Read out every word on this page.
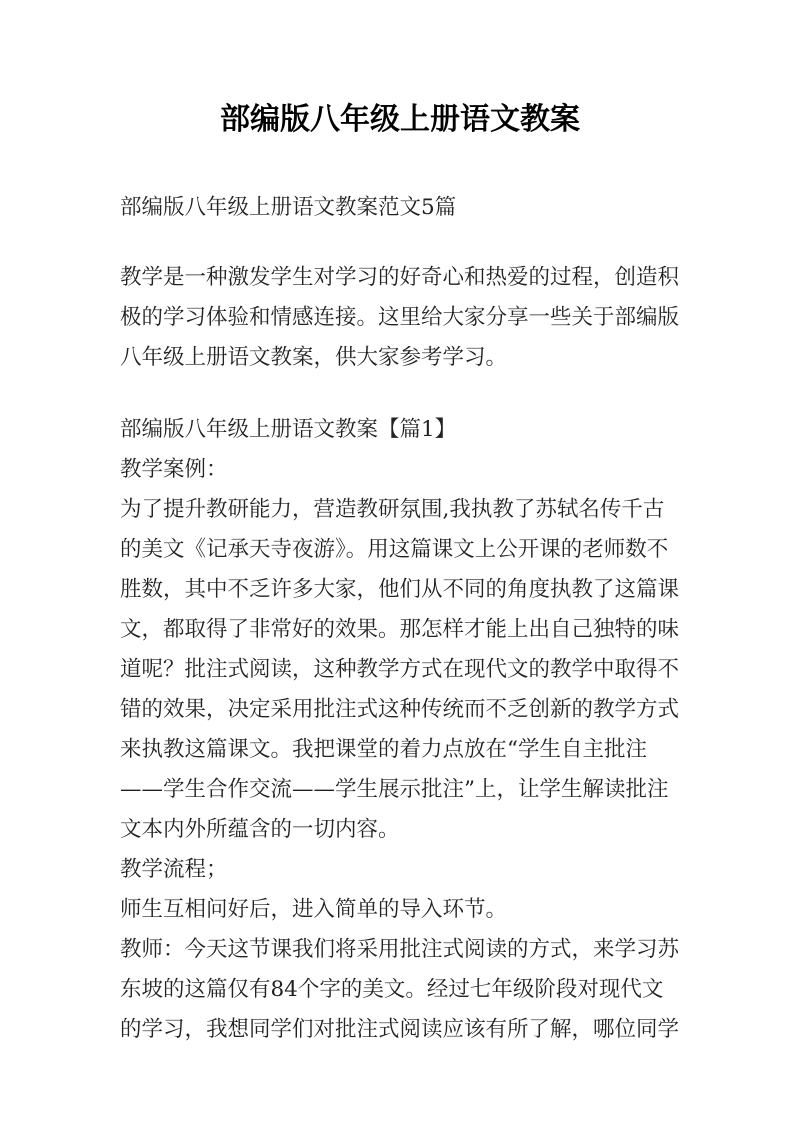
部编版八年级上册语文教案

部编版八年级上册语文教案范文5篇

教学是一种激发学生对学习的好奇心和热爱的过程，创造积
极的学习体验和情感连接。这里给大家分享一些关于部编版
八年级上册语文教案，供大家参考学习。
部编版八年级上册语文教案【篇1】
教学案例：
为了提升教研能力，营造教研氛围,我执教了苏轼名传千古
的美文《记承天寺夜游》。用这篇课文上公开课的老师数不
胜数，其中不乏许多大家，他们从不同的角度执教了这篇课
文，都取得了非常好的效果。那怎样才能上出自己独特的味
道呢？批注式阅读，这种教学方式在现代文的教学中取得不
错的效果，决定采用批注式这种传统而不乏创新的教学方式
来执教这篇课文。我把课堂的着力点放在“学生自主批注
——学生合作交流——学生展示批注”上，让学生解读批注
文本内外所蕴含的一切内容。
教学流程；
师生互相问好后，进入简单的导入环节。
教师：今天这节课我们将采用批注式阅读的方式，来学习苏
东坡的这篇仅有84个字的美文。经过七年级阶段对现代文
的学习，我想同学们对批注式阅读应该有所了解，哪位同学
